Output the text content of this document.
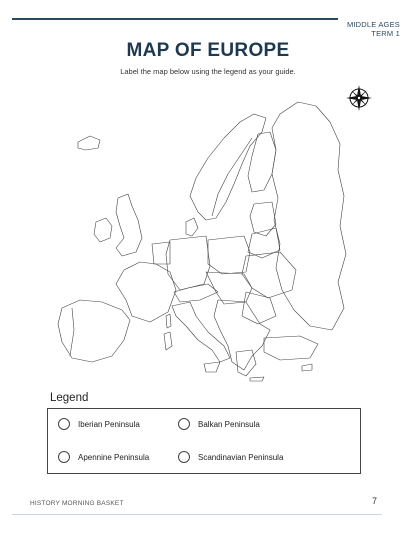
MIDDLE AGES
TERM 1
MAP OF EUROPE
Label the map below using the legend as your guide.
Legend
Iberian Peninsula	Balkan Peninsula
Apennine Peninsula	Scandinavian Peninsula
HISTORY MORNING BASKET	7
